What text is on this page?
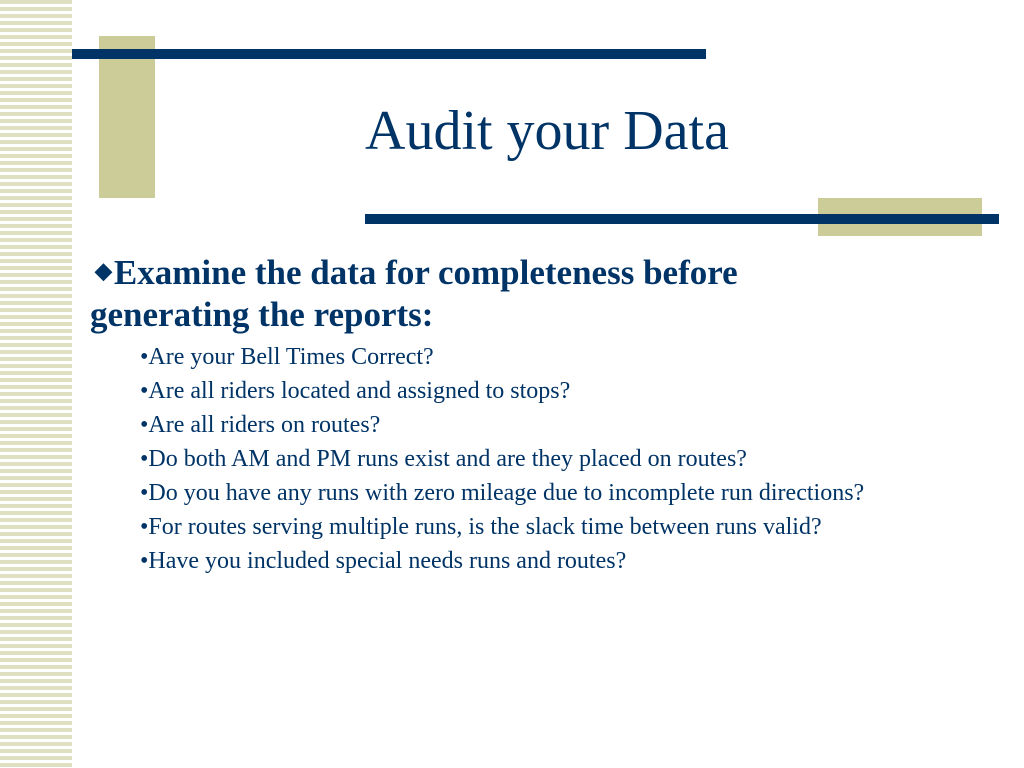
Audit your Data

◆Examine the data for completeness before generating the reports:

•Are your Bell Times Correct?
•Are all riders located and assigned to stops?
•Are all riders on routes?
•Do both AM and PM runs exist and are they placed on routes?
•Do you have any runs with zero mileage due to incomplete run directions?
•For routes serving multiple runs, is the slack time between runs valid?
•Have you included special needs runs and routes?
